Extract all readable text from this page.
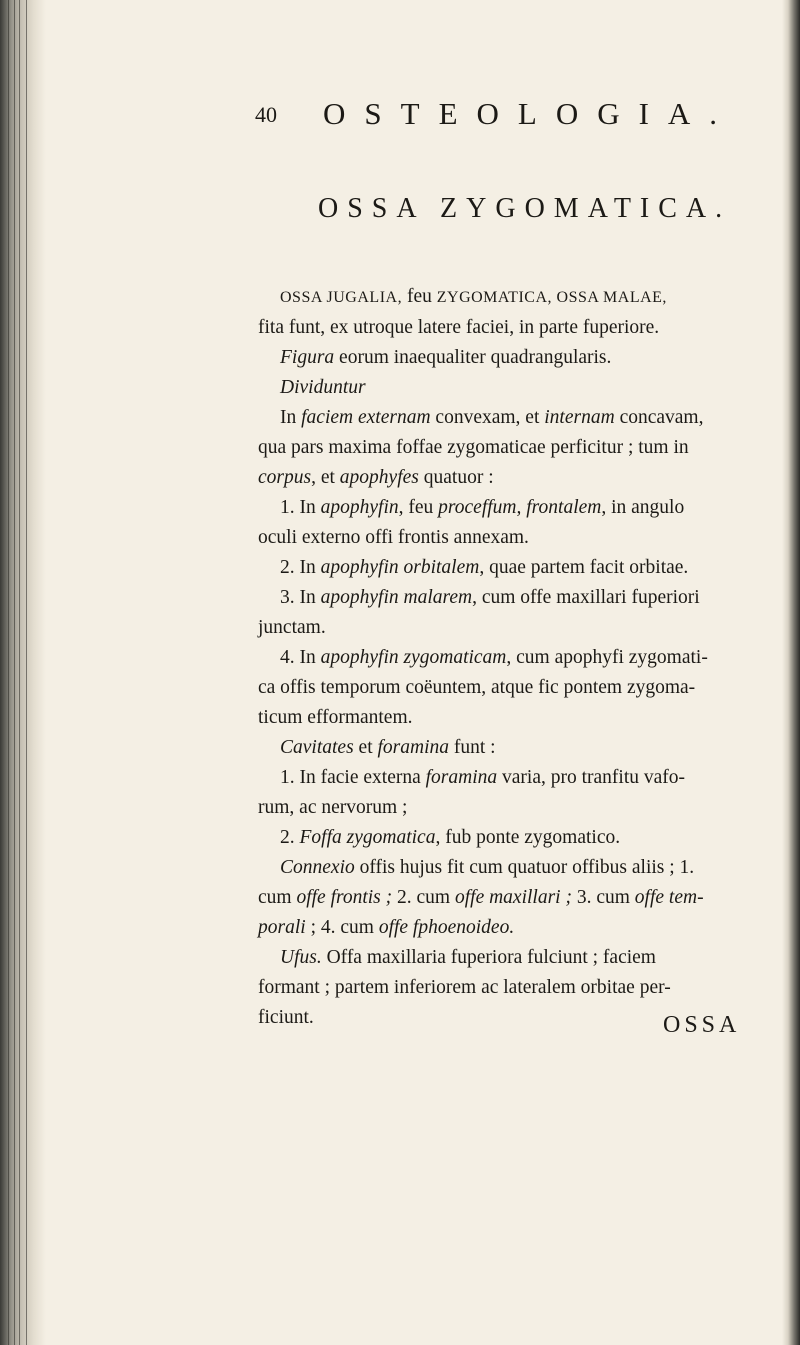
40 OSTEOLOGIA.
OSSA ZYGOMATICA.

OSSA JUGALIA, feu ZYGOMATICA, OSSA MALAE,

fita funt, ex utroque latere faciei, in parte fuperiore.

Figura eorum inaequaliter quadrangularis.

Dividuntur

In faciem externam convexam, et internam concavam,

qua pars maxima foffae zygomaticae perficitur ; tum in

corpus, et apophyfes quatuor :

1. In apophyfin, feu proceffum, frontalem, in angulo

oculi externo offi frontis annexam.

2. In apophyfin orbitalem, quae partem facit orbitae.

3. In apophyfin malarem, cum offe maxillari fuperiori

junctam.

4. In apophyfin zygomaticam, cum apophyfi zygomati-

ca offis temporum coëuntem, atque fic pontem zygoma-

ticum efformantem.

Cavitates et foramina funt :

1. In facie externa foramina varia, pro tranfitu vafo-

rum, ac nervorum ;

2. Foffa zygomatica, fub ponte zygomatico.

Connexio offis hujus fit cum quatuor offibus aliis ; 1.

cum offe frontis ; 2. cum offe maxillari ; 3. cum offe tem-

porali ; 4. cum offe fphoenoideo.

Ufus. Offa maxillaria fuperiora fulciunt ; faciem

formant ; partem inferiorem ac lateralem orbitae per-

ficiunt.	OSSA
